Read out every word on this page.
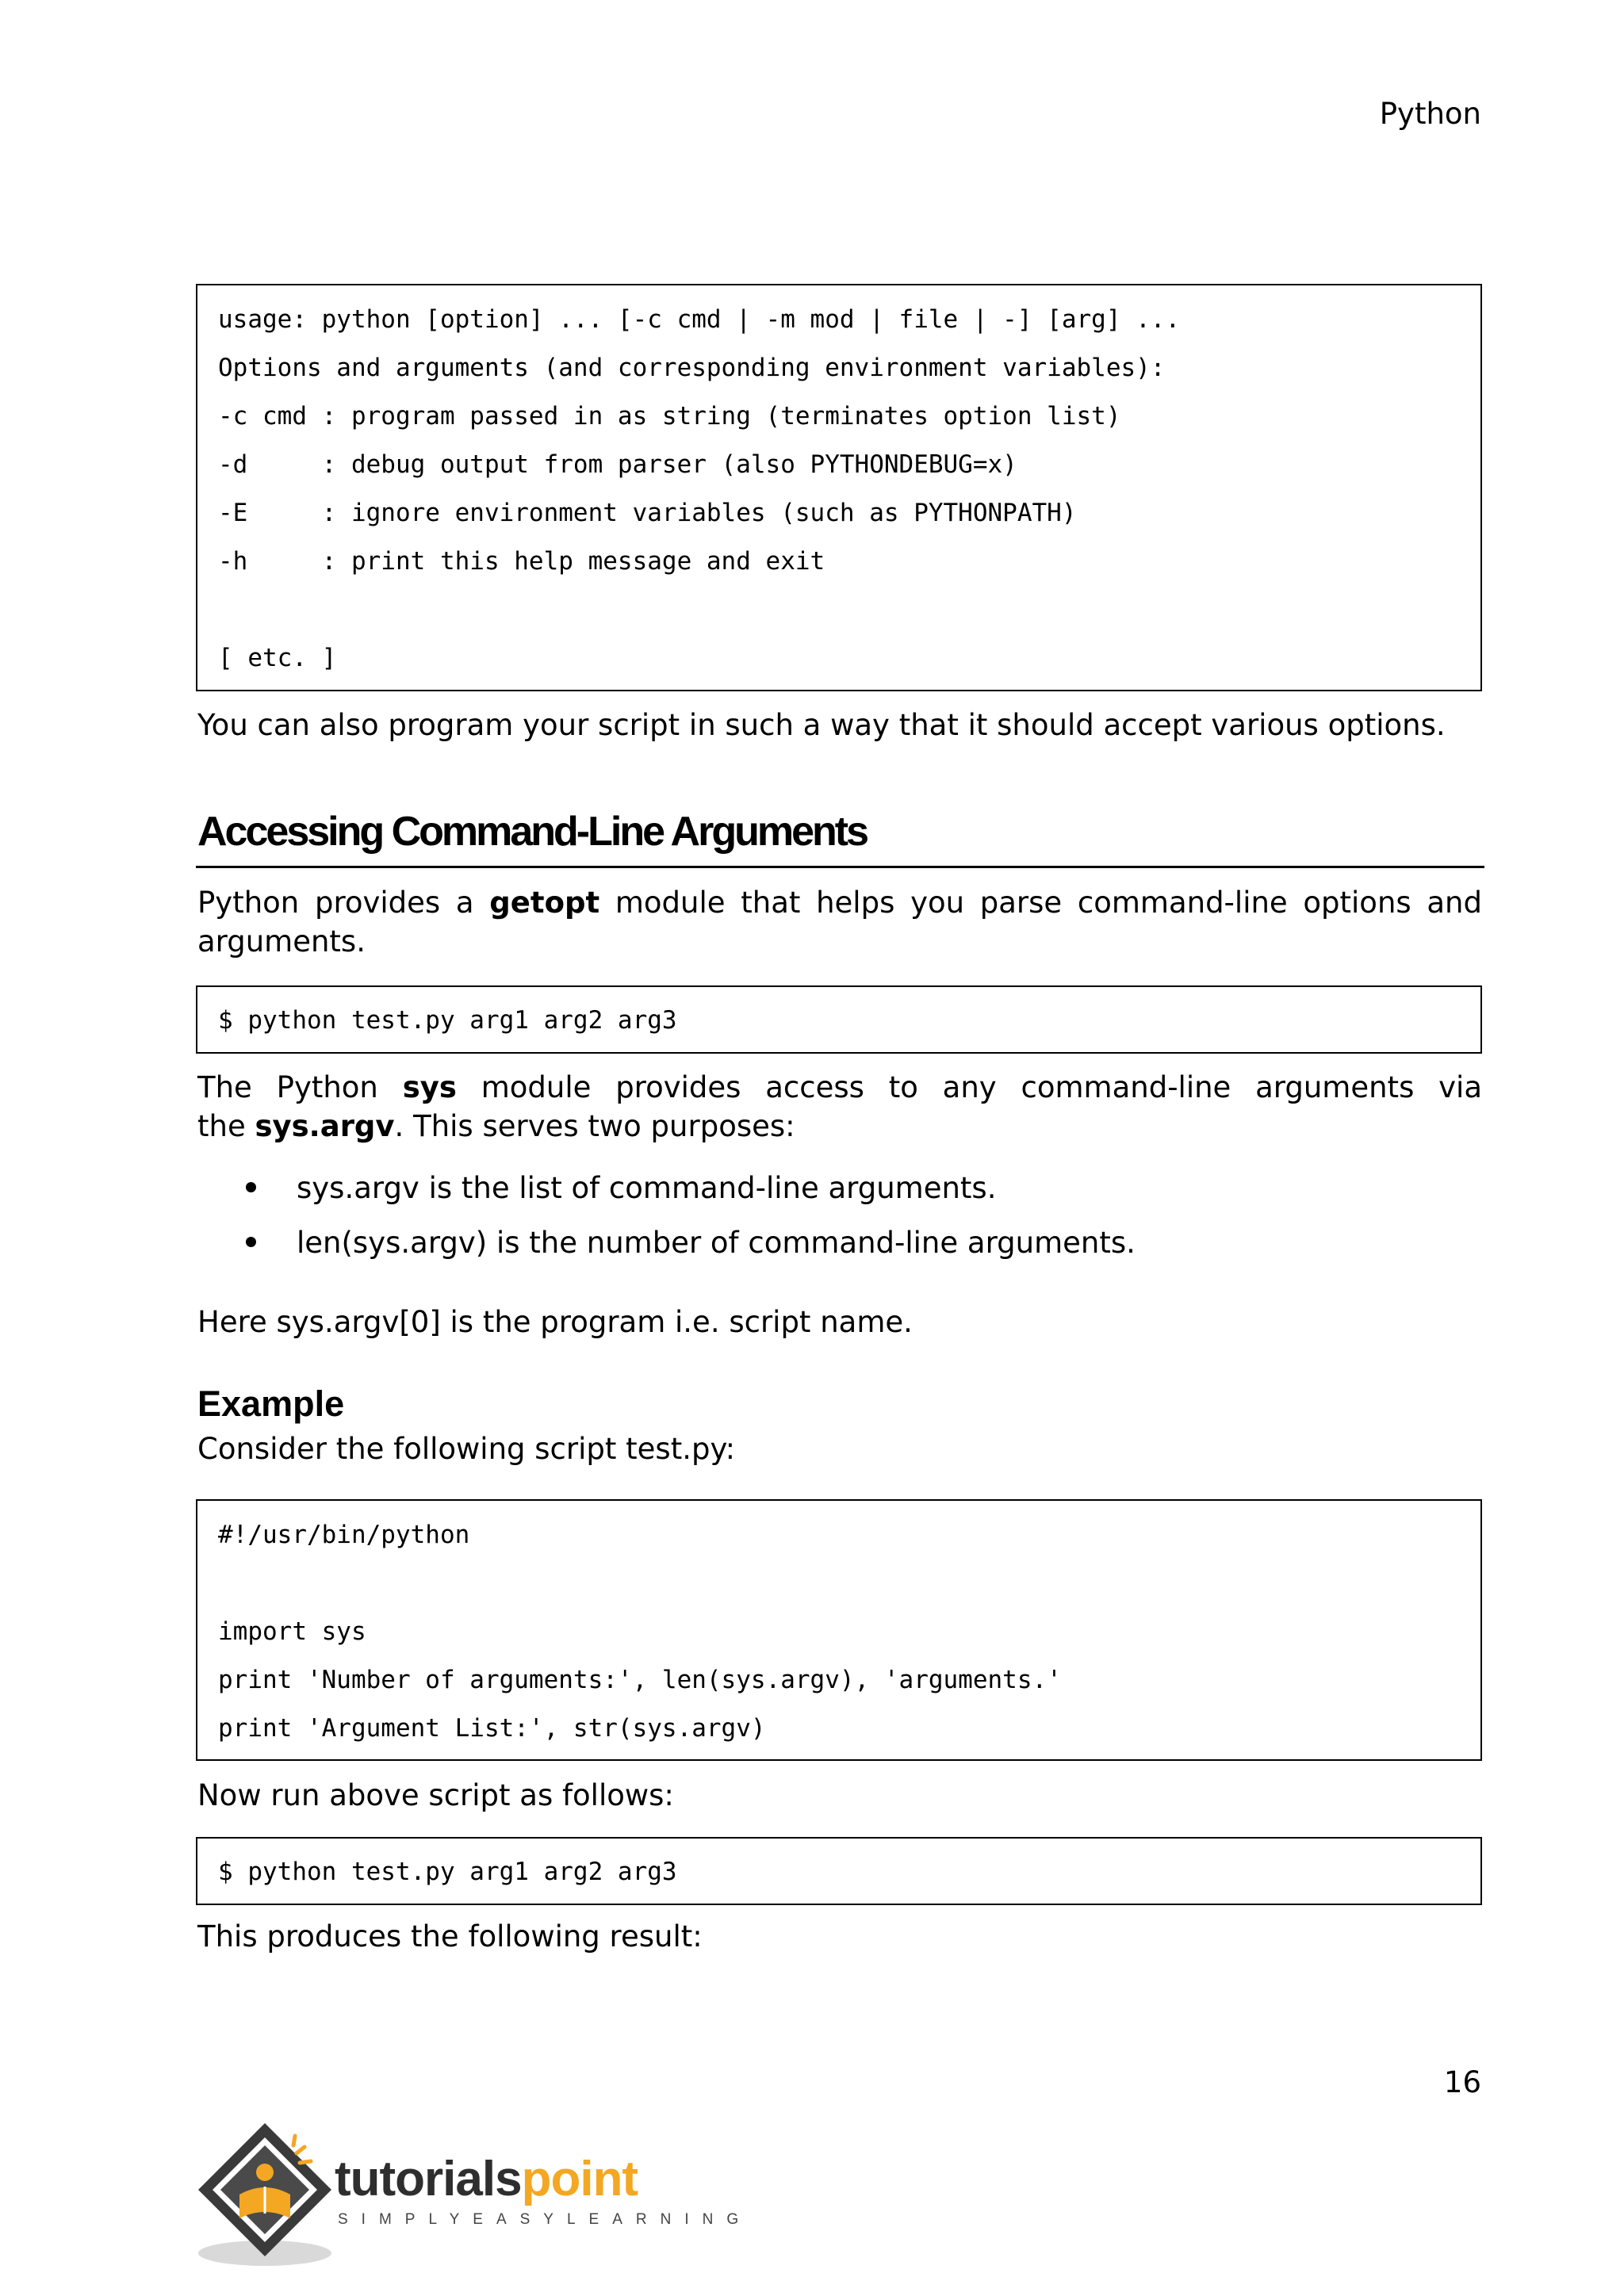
Python
usage: python [option] ... [-c cmd | -m mod | file | -] [arg] ...
Options and arguments (and corresponding environment variables):
-c cmd : program passed in as string (terminates option list)
-d     : debug output from parser (also PYTHONDEBUG=x)
-E     : ignore environment variables (such as PYTHONPATH)
-h     : print this help message and exit
[ etc. ]
You can also program your script in such a way that it should accept various options.
Accessing Command-Line Arguments
Python provides a getopt module that helps you parse command-line options and
arguments.
$ python test.py arg1 arg2 arg3
The Python sys module provides access to any command-line arguments via
the sys.argv. This serves two purposes:
sys.argv is the list of command-line arguments.
len(sys.argv) is the number of command-line arguments.
Here sys.argv[0] is the program i.e. script name.
Example
Consider the following script test.py:
#!/usr/bin/python
import sys
print 'Number of arguments:', len(sys.argv), 'arguments.'
print 'Argument List:', str(sys.argv)
Now run above script as follows:
$ python test.py arg1 arg2 arg3
This produces the following result:
16
tutorialspoint
SIMPLYEASYLEARNING
